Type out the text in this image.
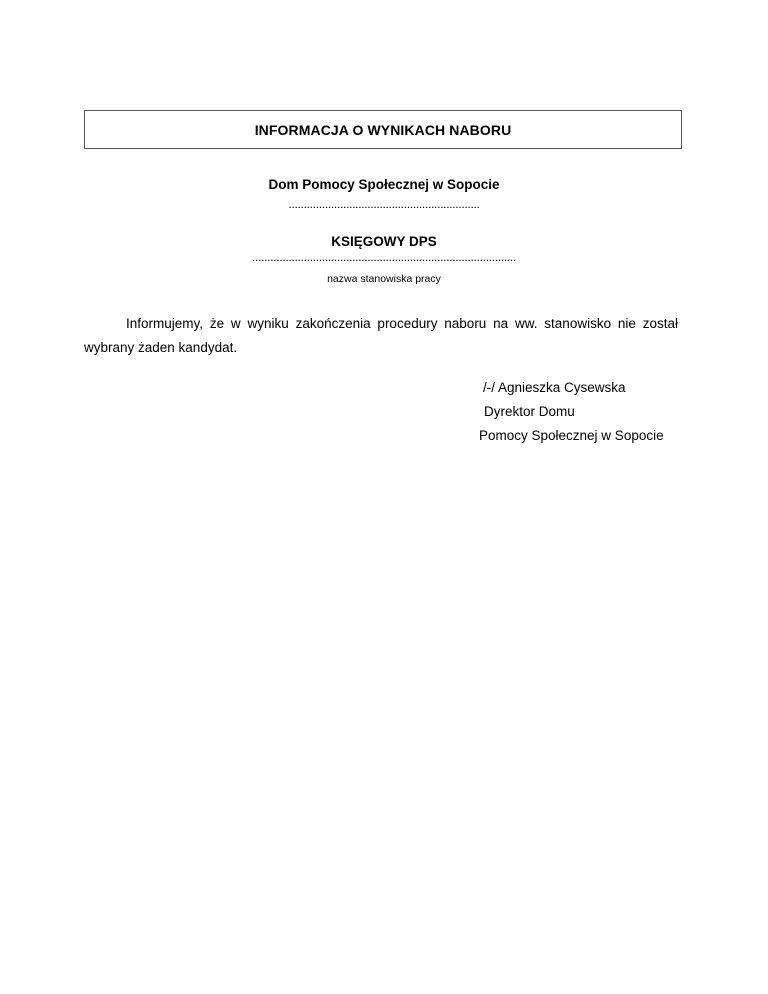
INFORMACJA O WYNIKACH NABORU
Dom Pomocy Społecznej w Sopocie
...............................................................
KSIĘGOWY DPS
.......................................................................................
nazwa stanowiska pracy
Informujemy, że w wyniku zakończenia procedury naboru na ww. stanowisko nie został wybrany żaden kandydat.
/-/ Agnieszka Cysewska
Dyrektor Domu
Pomocy Społecznej w Sopocie
